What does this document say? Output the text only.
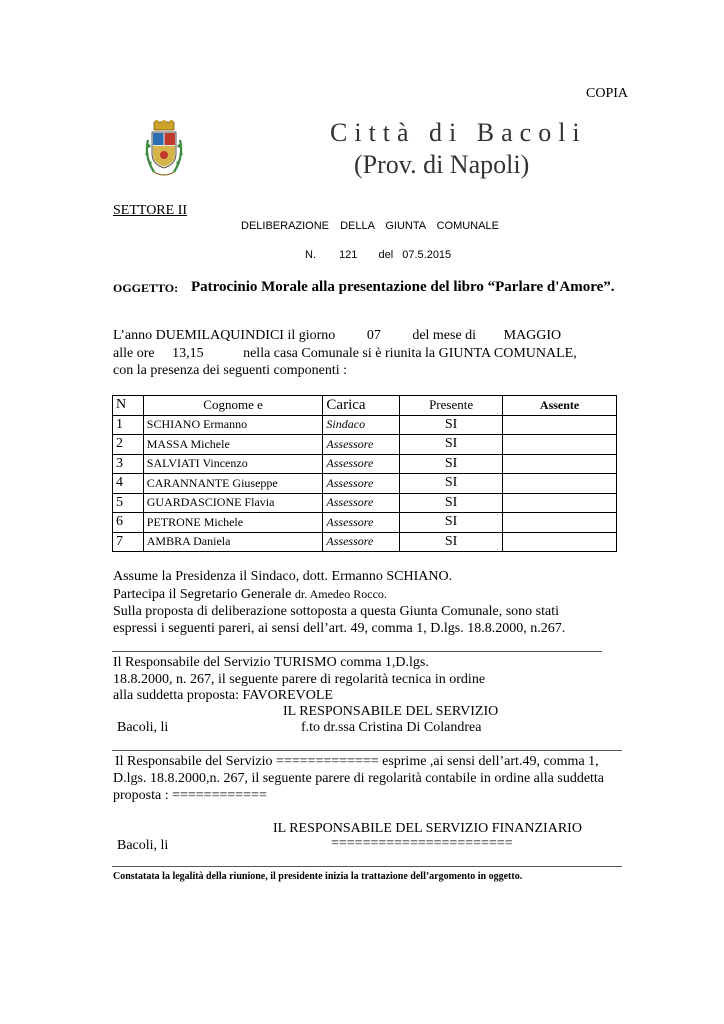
COPIA
Città di Bacoli
(Prov. di Napoli)
SETTORE II
DELIBERAZIONE DELLA GIUNTA COMUNALE
N. 121 del 07.5.2015
OGGETTO: Patrocinio Morale alla presentazione del libro “Parlare d'Amore”.
L’anno DUEMILAQUINDICI il giorno 07 del mese di MAGGIO
alle ore 13,15	nella casa Comunale si è riunita la GIUNTA COMUNALE,
con la presenza dei seguenti componenti :
N	Cognome e	Carica	Presente	Assente
1	SCHIANO Ermanno	Sindaco	SI	
2	MASSA Michele	Assessore	SI	
3	SALVIATI Vincenzo	Assessore	SI	
4	CARANNANTE Giuseppe	Assessore	SI	
5	GUARDASCIONE Flavia	Assessore	SI	
6	PETRONE Michele	Assessore	SI	
7	AMBRA Daniela	Assessore	SI	
Assume la Presidenza il Sindaco, dott. Ermanno SCHIANO.
Partecipa il Segretario Generale dr. Amedeo Rocco.
Sulla proposta di deliberazione sottoposta a questa Giunta Comunale, sono stati
espressi i seguenti pareri, ai sensi dell’art. 49, comma 1, D.lgs. 18.8.2000, n.267.
Il Responsabile del Servizio TURISMO comma 1,D.lgs.
18.8.2000, n. 267, il seguente parere di regolarità tecnica in ordine
alla suddetta proposta: FAVOREVOLE
IL RESPONSABILE DEL SERVIZIO
Bacoli, li	f.to dr.ssa Cristina Di Colandrea
Il Responsabile del Servizio ============= esprime ,ai sensi dell’art.49, comma 1,
D.lgs. 18.8.2000,n. 267, il seguente parere di regolarità contabile in ordine alla suddetta
proposta : ============
IL RESPONSABILE DEL SERVIZIO FINANZIARIO
Bacoli, li	=======================
Constatata la legalità della riunione, il presidente inizia la trattazione dell’argomento in oggetto.
